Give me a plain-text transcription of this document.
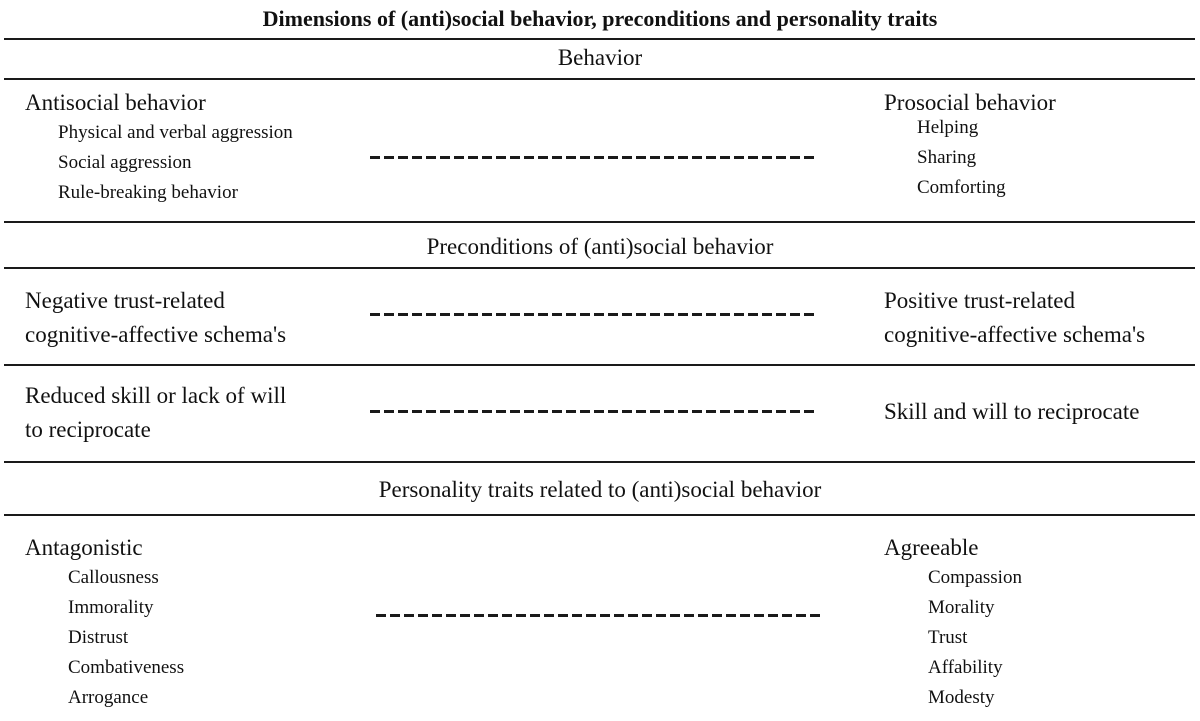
Dimensions of (anti)social behavior, preconditions and personality traits
Behavior
Antisocial behavior
Physical and verbal aggression
Social aggression
Rule-breaking behavior
Prosocial behavior
Helping
Sharing
Comforting
Preconditions of (anti)social behavior
Negative trust-related
cognitive-affective schema's
Positive trust-related
cognitive-affective schema's
Reduced skill or lack of will
to reciprocate
Skill and will to reciprocate
Personality traits related to (anti)social behavior
Antagonistic
Callousness
Immorality
Distrust
Combativeness
Arrogance
Agreeable
Compassion
Morality
Trust
Affability
Modesty
